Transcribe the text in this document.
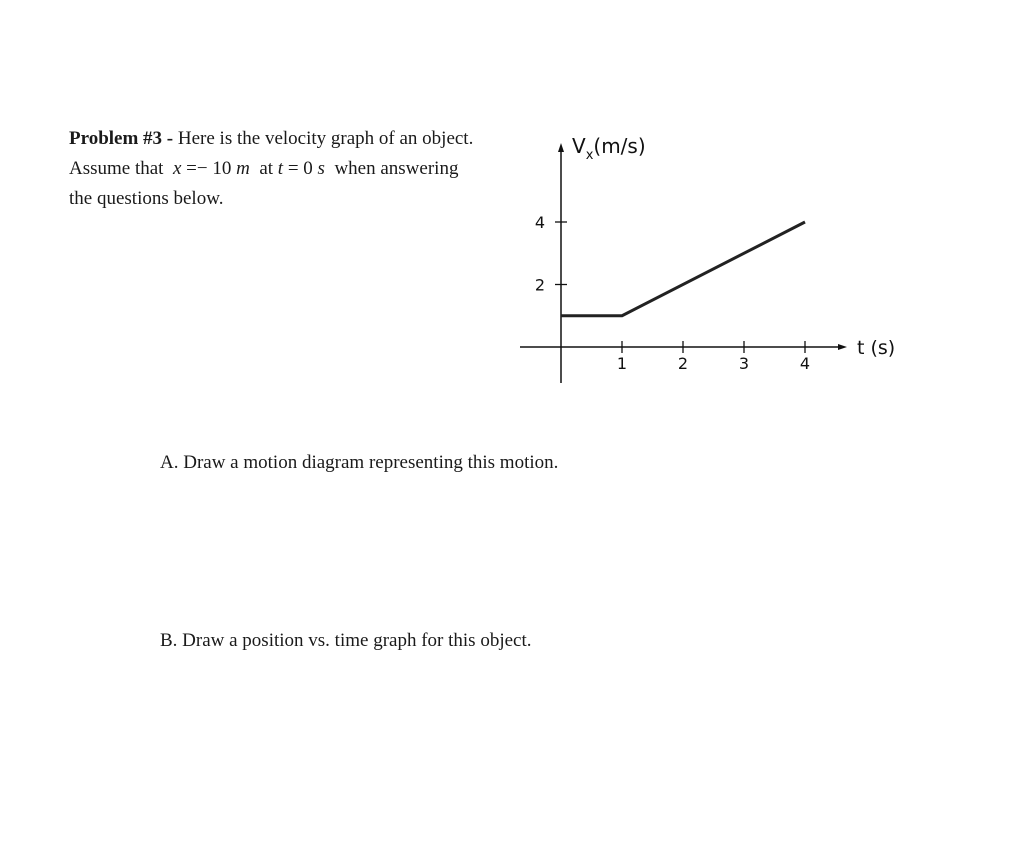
Problem #3 - Here is the velocity graph of an object.
Assume that x =− 10 m at t = 0 s when answering
the questions below.
A. Draw a motion diagram representing this motion.
B. Draw a position vs. time graph for this object.
$V_x(m/s)$
t (s)
1	2	3	4
2
4
